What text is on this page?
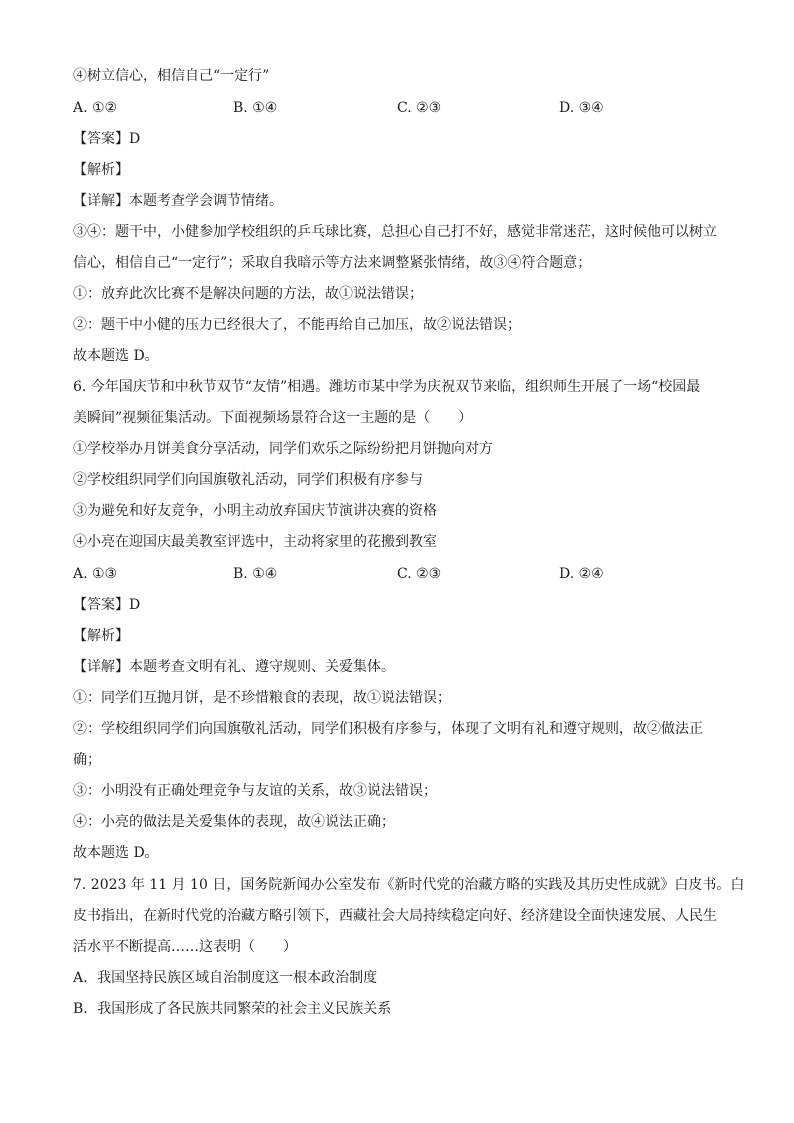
④树立信心，相信自己“一定行”
A. ①②	B. ①④	C. ②③	D. ③④
【答案】D
【解析】
【详解】本题考查学会调节情绪。
③④：题干中，小健参加学校组织的乒乓球比赛，总担心自己打不好，感觉非常迷茫，这时候他可以树立
信心，相信自己“一定行”；采取自我暗示等方法来调整紧张情绪，故③④符合题意；
①：放弃此次比赛不是解决问题的方法，故①说法错误；
②：题干中小健的压力已经很大了，不能再给自己加压，故②说法错误；
故本题选 D。
6. 今年国庆节和中秋节双节“友情”相遇。潍坊市某中学为庆祝双节来临，组织师生开展了一场“校园最
美瞬间”视频征集活动。下面视频场景符合这一主题的是（　　）
①学校举办月饼美食分享活动，同学们欢乐之际纷纷把月饼抛向对方
②学校组织同学们向国旗敬礼活动，同学们积极有序参与
③为避免和好友竞争，小明主动放弃国庆节演讲决赛的资格
④小亮在迎国庆最美教室评选中，主动将家里的花搬到教室
A. ①③	B. ①④	C. ②③	D. ②④
【答案】D
【解析】
【详解】本题考查文明有礼、遵守规则、关爱集体。
①：同学们互抛月饼，是不珍惜粮食的表现，故①说法错误；
②：学校组织同学们向国旗敬礼活动，同学们积极有序参与，体现了文明有礼和遵守规则，故②做法正
确；
③：小明没有正确处理竞争与友谊的关系，故③说法错误；
④：小亮的做法是关爱集体的表现，故④说法正确；
故本题选 D。
7. 2023 年 11 月 10 日，国务院新闻办公室发布《新时代党的治藏方略的实践及其历史性成就》白皮书。白
皮书指出，在新时代党的治藏方略引领下，西藏社会大局持续稳定向好、经济建设全面快速发展、人民生
活水平不断提高……这表明（　　）
A．我国坚持民族区域自治制度这一根本政治制度
B．我国形成了各民族共同繁荣的社会主义民族关系
